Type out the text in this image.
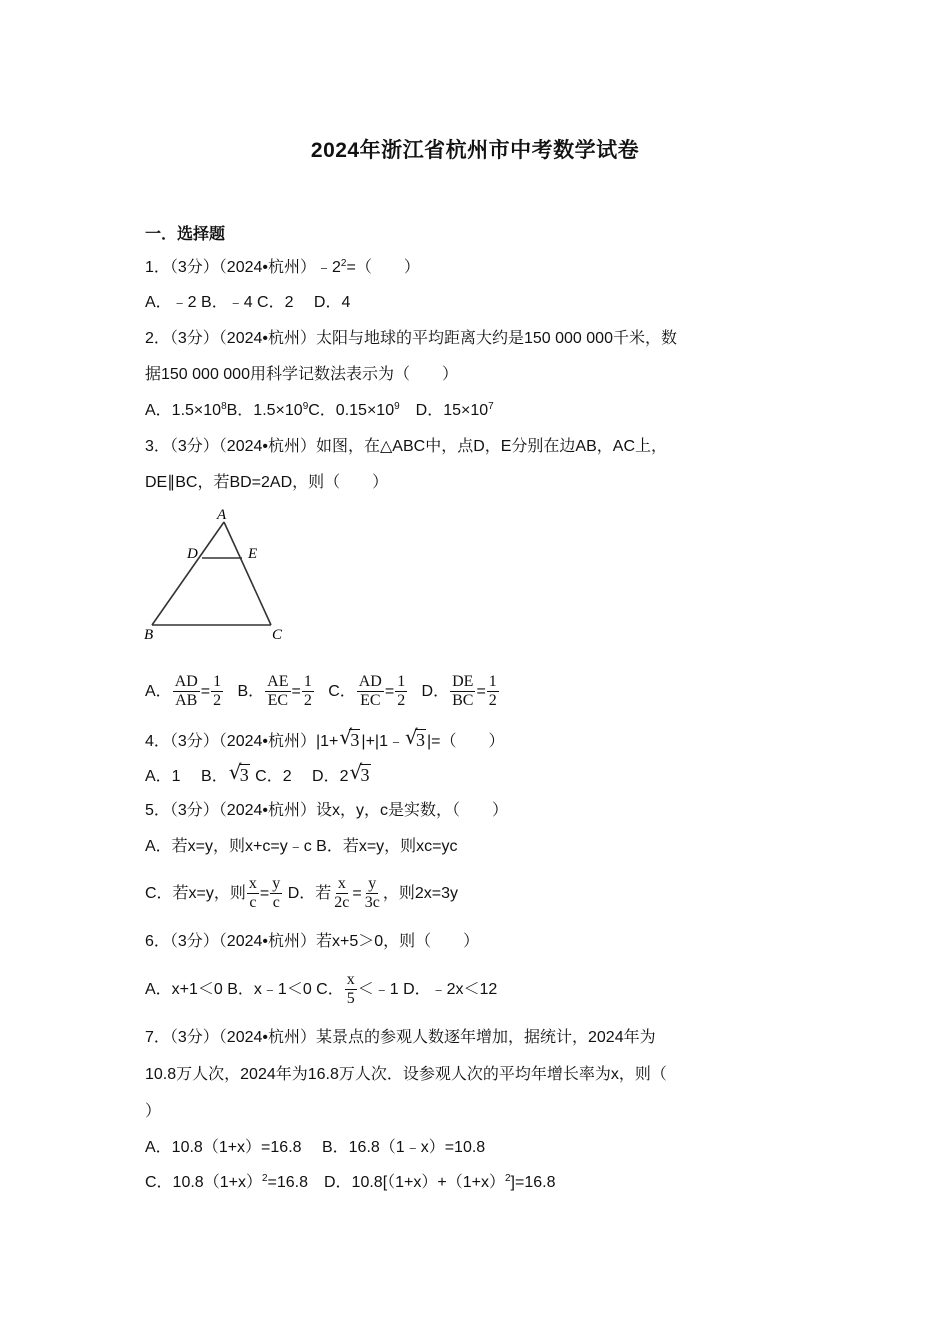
2024年浙江省杭州市中考数学试卷
一．选择题
1．（3分）（2024•杭州）$﹣2^2=$（　　）
A．﹣2 B．﹣4 C．2　 D．4
2．（3分）（2024•杭州）太阳与地球的平均距离大约是150 000 000千米，数
据150 000 000用科学记数法表示为（　　）
A．$1.5\times 10^8B$．$1.5\times 10^9C$．$0.15\times 10^9$　D．$15\times 10^7$
3．（3分）（2024•杭州）如图，在△ABC中，点D，E分别在边AB，AC上，
DE∥BC，若BD=2AD，则（　　）
A
D	E
B	C
A． $\frac{AD}{AB} = \frac{1}{2}$ B． $\frac{AE}{EC} = \frac{1}{2}$ C． $\frac{AD}{EC} = \frac{1}{2}$ D． $\frac{DE}{BC} = \frac{1}{2}$
4．（3分）（2024•杭州）|1+ √
3 |+|1﹣ √
3 |=（　　）
A．1　 B． √
3 C．2　 D．2 √
3
5．（3分）（2024•杭州）设x，y，c是实数，（　　）
A．若x=y，则x+c=y﹣c B．若x=y，则xc=yc
C．若x=y，则 $\frac{x}{c} = \frac{y}{c}$ D．若 $\frac{x}{2c} = \frac{y}{3c}$ ，则2x=3y
6．（3分）（2024•杭州）若x+5＞0，则（　　）
A．x+1＜0 B．x﹣1＜0 C． $\frac{x}{5}$ ＜﹣1 D．﹣2x＜12
7．（3分）（2024•杭州）某景点的参观人数逐年增加，据统计，2024年为
10.8万人次，2024年为16.8万人次．设参观人次的平均年增长率为x，则（
）
A．10.8（1+x）=16.8　 B．16.8（1﹣x）=10.8
C．$10.8(1+x)^2=16.8$　D．$10.8[(1+x)+(1+x)^2]=16.8$
